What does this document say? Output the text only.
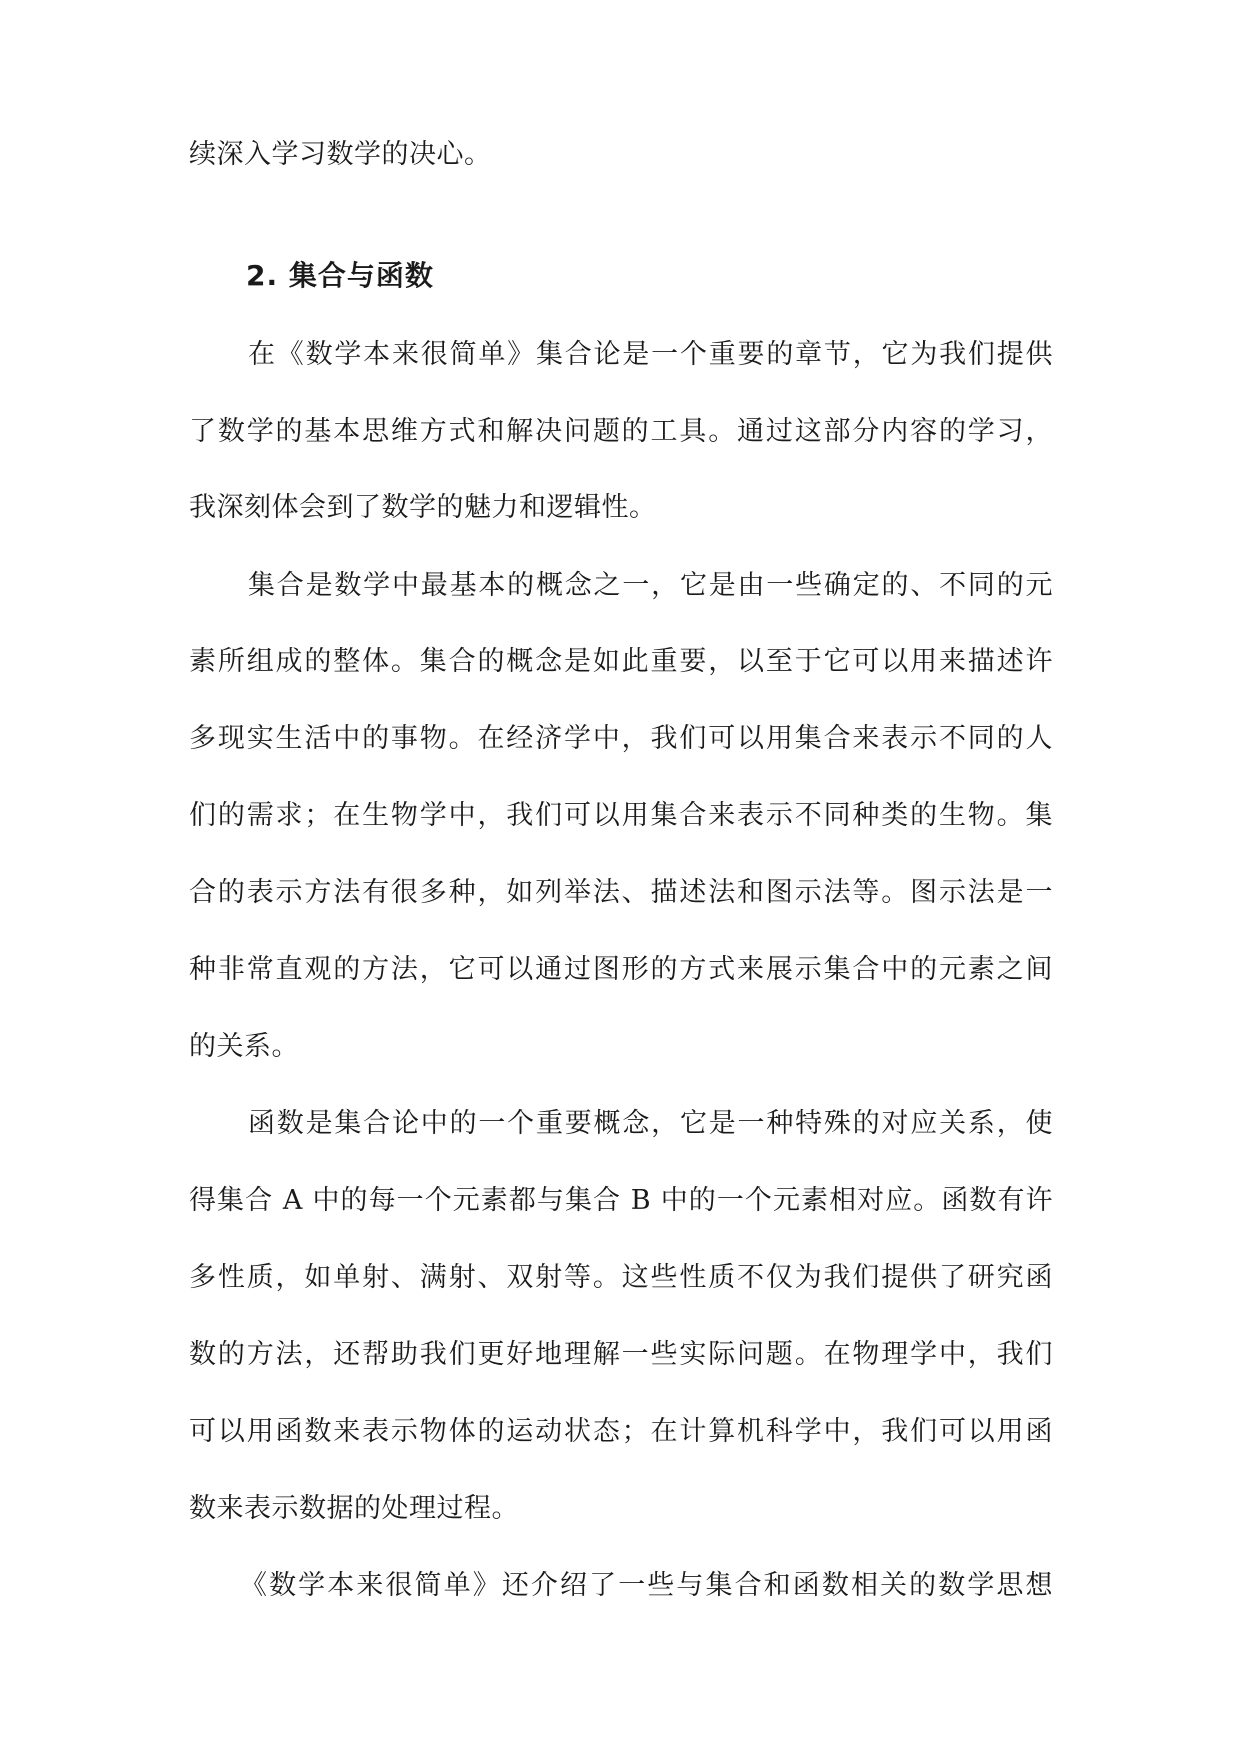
续深入学习数学的决心。
2. 集合与函数
在《数学本来很简单》集合论是一个重要的章节，它为我们提供
了数学的基本思维方式和解决问题的工具。通过这部分内容的学习，
我深刻体会到了数学的魅力和逻辑性。
集合是数学中最基本的概念之一，它是由一些确定的、不同的元
素所组成的整体。集合的概念是如此重要，以至于它可以用来描述许
多现实生活中的事物。在经济学中，我们可以用集合来表示不同的人
们的需求；在生物学中，我们可以用集合来表示不同种类的生物。集
合的表示方法有很多种，如列举法、描述法和图示法等。图示法是一
种非常直观的方法，它可以通过图形的方式来展示集合中的元素之间
的关系。
函数是集合论中的一个重要概念，它是一种特殊的对应关系，使
得集合 A 中的每一个元素都与集合 B 中的一个元素相对应。函数有许
多性质，如单射、满射、双射等。这些性质不仅为我们提供了研究函
数的方法，还帮助我们更好地理解一些实际问题。在物理学中，我们
可以用函数来表示物体的运动状态；在计算机科学中，我们可以用函
数来表示数据的处理过程。
《数学本来很简单》还介绍了一些与集合和函数相关的数学思想
